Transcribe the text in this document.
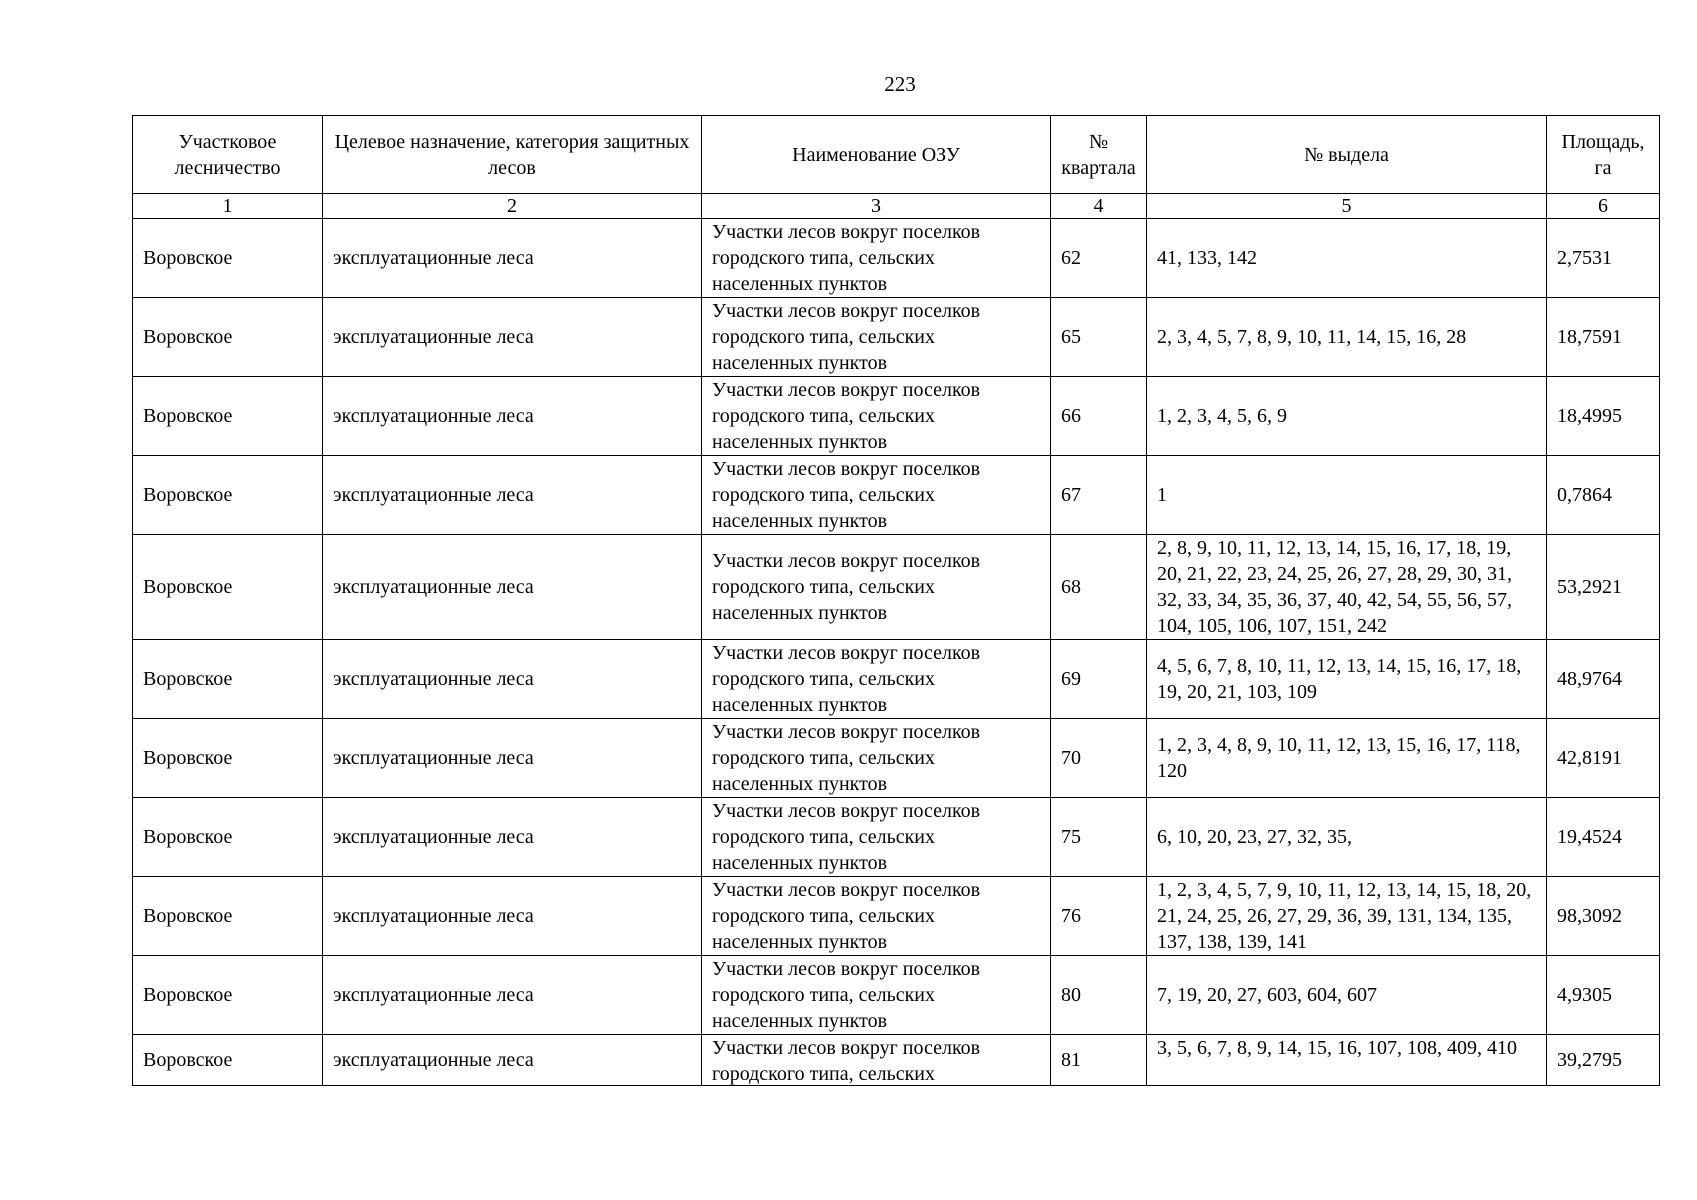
223
Участковое лесничество	Целевое назначение, категория защитных лесов	Наименование ОЗУ	№ квартала	№ выдела	Площадь, га
1	2	3	4	5	6
Воровское	эксплуатационные леса	Участки лесов вокруг поселков городского типа, сельских населенных пунктов	62	41, 133, 142	2,7531
Воровское	эксплуатационные леса	Участки лесов вокруг поселков городского типа, сельских населенных пунктов	65	2, 3, 4, 5, 7, 8, 9, 10, 11, 14, 15, 16, 28	18,7591
Воровское	эксплуатационные леса	Участки лесов вокруг поселков городского типа, сельских населенных пунктов	66	1, 2, 3, 4, 5, 6, 9	18,4995
Воровское	эксплуатационные леса	Участки лесов вокруг поселков городского типа, сельских населенных пунктов	67	1	0,7864
Воровское	эксплуатационные леса	Участки лесов вокруг поселков городского типа, сельских населенных пунктов	68	2, 8, 9, 10, 11, 12, 13, 14, 15, 16, 17, 18, 19, 20, 21, 22, 23, 24, 25, 26, 27, 28, 29, 30, 31, 32, 33, 34, 35, 36, 37, 40, 42, 54, 55, 56, 57, 104, 105, 106, 107, 151, 242	53,2921
Воровское	эксплуатационные леса	Участки лесов вокруг поселков городского типа, сельских населенных пунктов	69	4, 5, 6, 7, 8, 10, 11, 12, 13, 14, 15, 16, 17, 18, 19, 20, 21, 103, 109	48,9764
Воровское	эксплуатационные леса	Участки лесов вокруг поселков городского типа, сельских населенных пунктов	70	1, 2, 3, 4, 8, 9, 10, 11, 12, 13, 15, 16, 17, 118, 120	42,8191
Воровское	эксплуатационные леса	Участки лесов вокруг поселков городского типа, сельских населенных пунктов	75	6, 10, 20, 23, 27, 32, 35,	19,4524
Воровское	эксплуатационные леса	Участки лесов вокруг поселков городского типа, сельских населенных пунктов	76	1, 2, 3, 4, 5, 7, 9, 10, 11, 12, 13, 14, 15, 18, 20, 21, 24, 25, 26, 27, 29, 36, 39, 131, 134, 135, 137, 138, 139, 141	98,3092
Воровское	эксплуатационные леса	Участки лесов вокруг поселков городского типа, сельских населенных пунктов	80	7, 19, 20, 27, 603, 604, 607	4,9305
Воровское	эксплуатационные леса	Участки лесов вокруг поселков городского типа, сельских	81	3, 5, 6, 7, 8, 9, 14, 15, 16, 107, 108, 409, 410	39,2795
